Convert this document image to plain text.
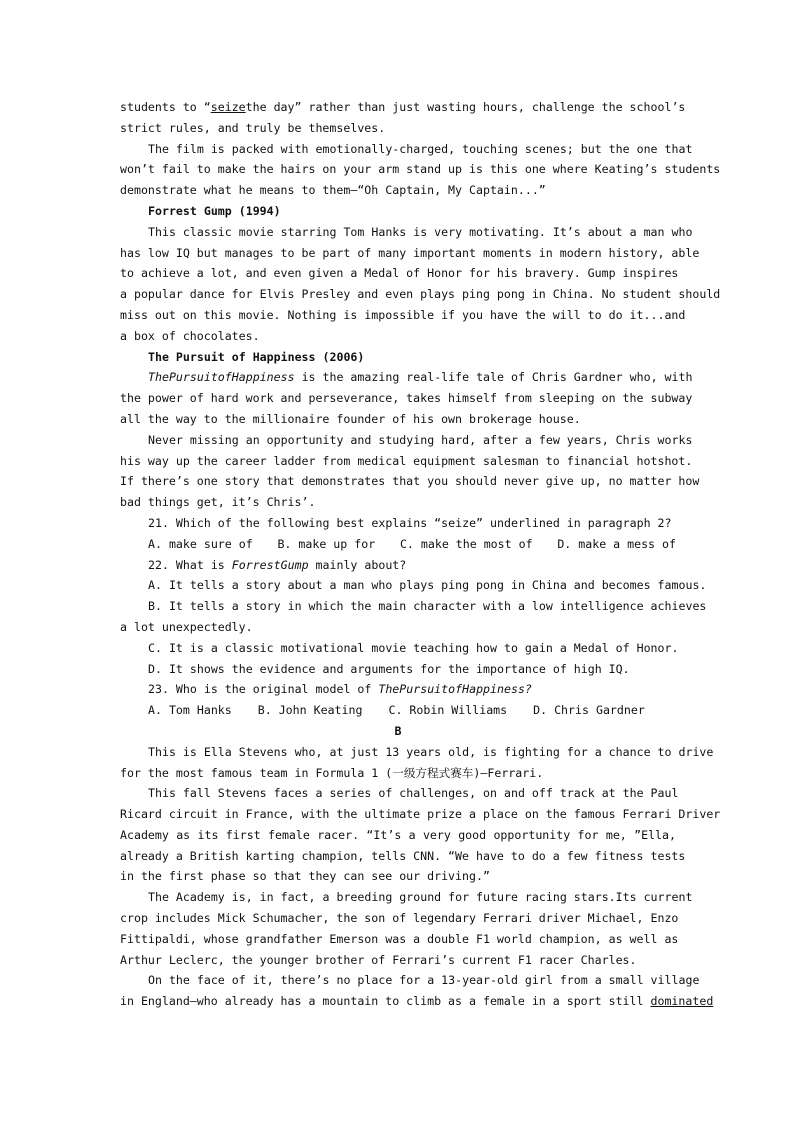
students to “seizethe day” rather than just wasting hours, challenge the school’s
strict rules, and truly be themselves.
The film is packed with emotionally-charged, touching scenes; but the one that
won’t fail to make the hairs on your arm stand up is this one where Keating’s students
demonstrate what he means to them—“Oh Captain, My Captain...”
Forrest Gump (1994)
This classic movie starring Tom Hanks is very motivating. It’s about a man who
has low IQ but manages to be part of many important moments in modern history, able
to achieve a lot, and even given a Medal of Honor for his bravery. Gump inspires
a popular dance for Elvis Presley and even plays ping pong in China. No student should
miss out on this movie. Nothing is impossible if you have the will to do it...and
a box of chocolates.
The Pursuit of Happiness (2006)
ThePursuitofHappiness is the amazing real-life tale of Chris Gardner who, with
the power of hard work and perseverance, takes himself from sleeping on the subway
all the way to the millionaire founder of his own brokerage house.
Never missing an opportunity and studying hard, after a few years, Chris works
his way up the career ladder from medical equipment salesman to financial hotshot.
If there’s one story that demonstrates that you should never give up, no matter how
bad things get, it’s Chris’.
21. Which of the following best explains “seize” underlined in paragraph 2?
A. make sure of B. make up for C. make the most of D. make a mess of
22. What is ForrestGump mainly about?
A. It tells a story about a man who plays ping pong in China and becomes famous.
B. It tells a story in which the main character with a low intelligence achieves
a lot unexpectedly.
C. It is a classic motivational movie teaching how to gain a Medal of Honor.
D. It shows the evidence and arguments for the importance of high IQ.
23. Who is the original model of ThePursuitofHappiness?
A. Tom Hanks B. John Keating C. Robin Williams D. Chris Gardner
B
This is Ella Stevens who, at just 13 years old, is fighting for a chance to drive
for the most famous team in Formula 1 (一级方程式赛车)—Ferrari.
This fall Stevens faces a series of challenges, on and off track at the Paul
Ricard circuit in France, with the ultimate prize a place on the famous Ferrari Driver
Academy as its first female racer. “It’s a very good opportunity for me, ”Ella,
already a British karting champion, tells CNN. “We have to do a few fitness tests
in the first phase so that they can see our driving.”
The Academy is, in fact, a breeding ground for future racing stars.Its current
crop includes Mick Schumacher, the son of legendary Ferrari driver Michael, Enzo
Fittipaldi, whose grandfather Emerson was a double F1 world champion, as well as
Arthur Leclerc, the younger brother of Ferrari’s current F1 racer Charles.
On the face of it, there’s no place for a 13-year-old girl from a small village
in England—who already has a mountain to climb as a female in a sport still dominated
